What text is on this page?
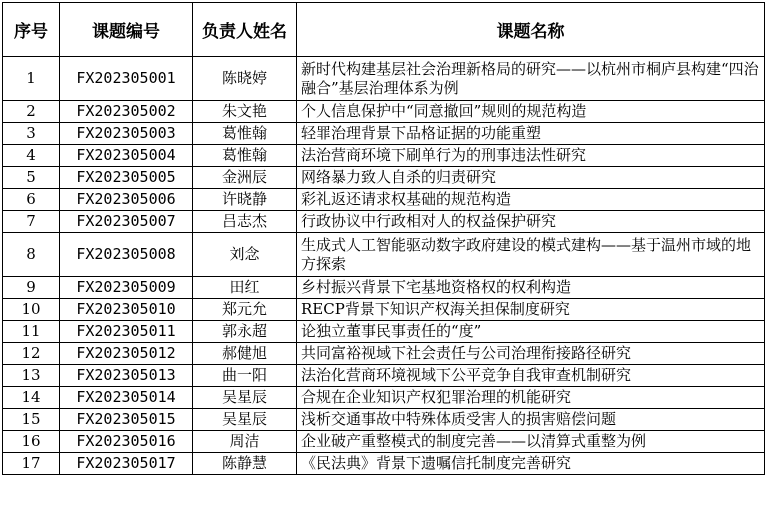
序号	课题编号	负责人姓名	课题名称
1	FX202305001	陈晓婷	新时代构建基层社会治理新格局的研究——以杭州市桐庐县构建“四治融合”基层治理体系为例
2	FX202305002	朱文艳	个人信息保护中“同意撤回”规则的规范构造
3	FX202305003	葛惟翰	轻罪治理背景下品格证据的功能重塑
4	FX202305004	葛惟翰	法治营商环境下刷单行为的刑事违法性研究
5	FX202305005	金洲辰	网络暴力致人自杀的归责研究
6	FX202305006	许晓静	彩礼返还请求权基础的规范构造
7	FX202305007	吕志杰	行政协议中行政相对人的权益保护研究
8	FX202305008	刘念	生成式人工智能驱动数字政府建设的模式建构——基于温州市域的地方探索
9	FX202305009	田红	乡村振兴背景下宅基地资格权的权利构造
10	FX202305010	郑元允	RECP背景下知识产权海关担保制度研究
11	FX202305011	郭永超	论独立董事民事责任的“度”
12	FX202305012	郝健旭	共同富裕视域下社会责任与公司治理衔接路径研究
13	FX202305013	曲一阳	法治化营商环境视域下公平竞争自我审查机制研究
14	FX202305014	吴星辰	合规在企业知识产权犯罪治理的机能研究
15	FX202305015	吴星辰	浅析交通事故中特殊体质受害人的损害赔偿问题
16	FX202305016	周洁	企业破产重整模式的制度完善——以清算式重整为例
17	FX202305017	陈静慧	《民法典》背景下遗嘱信托制度完善研究
